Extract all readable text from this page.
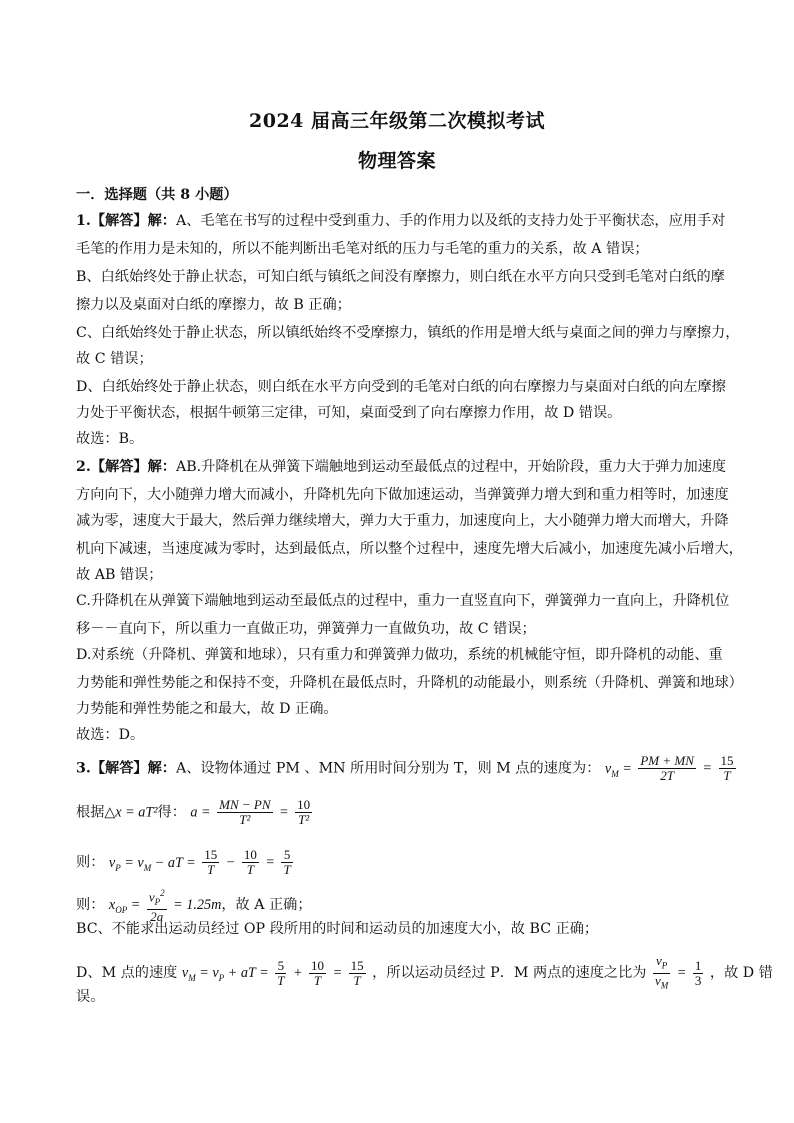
2024 届高三年级第二次模拟考试
物理答案
一．选择题（共 8 小题）
1.【解答】解：A、毛笔在书写的过程中受到重力、手的作用力以及纸的支持力处于平衡状态，应用手对
毛笔的作用力是未知的，所以不能判断出毛笔对纸的压力与毛笔的重力的关系，故 A 错误；
B、白纸始终处于静止状态，可知白纸与镇纸之间没有摩擦力，则白纸在水平方向只受到毛笔对白纸的摩
擦力以及桌面对白纸的摩擦力，故 B 正确；
C、白纸始终处于静止状态，所以镇纸始终不受摩擦力，镇纸的作用是增大纸与桌面之间的弹力与摩擦力，
故 C 错误；
D、白纸始终处于静止状态，则白纸在水平方向受到的毛笔对白纸的向右摩擦力与桌面对白纸的向左摩擦
力处于平衡状态，根据牛顿第三定律，可知，桌面受到了向右摩擦力作用，故 D 错误。
故选：B。
2.【解答】解：AB.升降机在从弹簧下端触地到运动至最低点的过程中，开始阶段，重力大于弹力加速度
方向向下，大小随弹力增大而减小，升降机先向下做加速运动，当弹簧弹力增大到和重力相等时，加速度
减为零，速度大于最大，然后弹力继续增大，弹力大于重力，加速度向上，大小随弹力增大而增大，升降
机向下减速，当速度减为零时，达到最低点，所以整个过程中，速度先增大后减小，加速度先减小后增大，
故 AB 错误；
C.升降机在从弹簧下端触地到运动至最低点的过程中，重力一直竖直向下，弹簧弹力一直向上，升降机位
移－－直向下，所以重力一直做正功，弹簧弹力一直做负功，故 C 错误；
D.对系统（升降机、弹簧和地球），只有重力和弹簧弹力做功，系统的机械能守恒，即升降机的动能、重
力势能和弹性势能之和保持不变，升降机在最低点时，升降机的动能最小，则系统（升降机、弹簧和地球）
力势能和弹性势能之和最大，故 D 正确。
故选：D。
3.【解答】解：A、设物体通过 PM 、MN 所用时间分别为 T，则 M 点的速度为： $v_M = \frac{PM + MN}{2T} = \frac{15}{T}$
根据△x = aT²得： $a = \frac{MN - PN}{\text{T²}} = \frac{10}{\text{T²}}$
则： $v_P = v_M$ − aT = $\frac{15}{T} - \frac{10}{T} = \frac{5}{T}$
则： $x_{OP} = \frac{v_P^2}{2a} = 1.25m$，故 A 正确；
BC、不能求出运动员经过 OP 段所用的时间和运动员的加速度大小，故 BC 正确；
D、M 点的速度 $v_M = v_P$ + aT = $\frac{5}{T} + \frac{10}{T} = \frac{15}{T}$ ，所以运动员经过 P．M 两点的速度之比为 $\frac{v_P}{v_M} = \frac{1}{3}$ ，故 D 错
误。
